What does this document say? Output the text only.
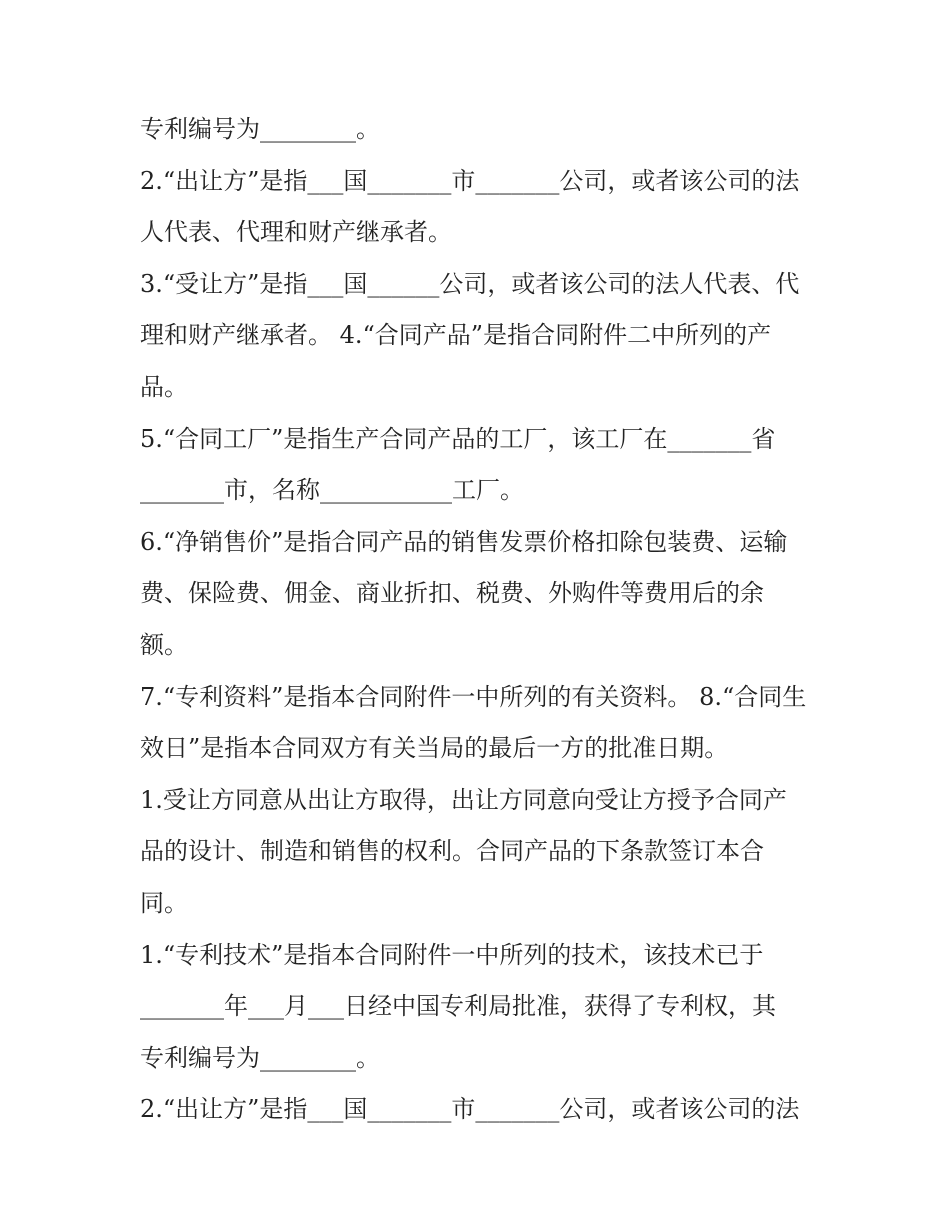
专利编号为________。
2.“出让方”是指___国_______市_______公司，或者该公司的法
人代表、代理和财产继承者。
3.“受让方”是指___国______公司，或者该公司的法人代表、代
理和财产继承者。 4.“合同产品”是指合同附件二中所列的产
品。
5.“合同工厂”是指生产合同产品的工厂，该工厂在_______省
_______市，名称___________工厂。
6.“净销售价”是指合同产品的销售发票价格扣除包装费、运输
费、保险费、佣金、商业折扣、税费、外购件等费用后的余
额。
7.“专利资料”是指本合同附件一中所列的有关资料。 8.“合同生
效日”是指本合同双方有关当局的最后一方的批准日期。
1.受让方同意从出让方取得，出让方同意向受让方授予合同产
品的设计、制造和销售的权利。合同产品的下条款签订本合
同。
1.“专利技术”是指本合同附件一中所列的技术，该技术已于
_______年___月___日经中国专利局批准，获得了专利权，其
专利编号为________。
2.“出让方”是指___国_______市_______公司，或者该公司的法
